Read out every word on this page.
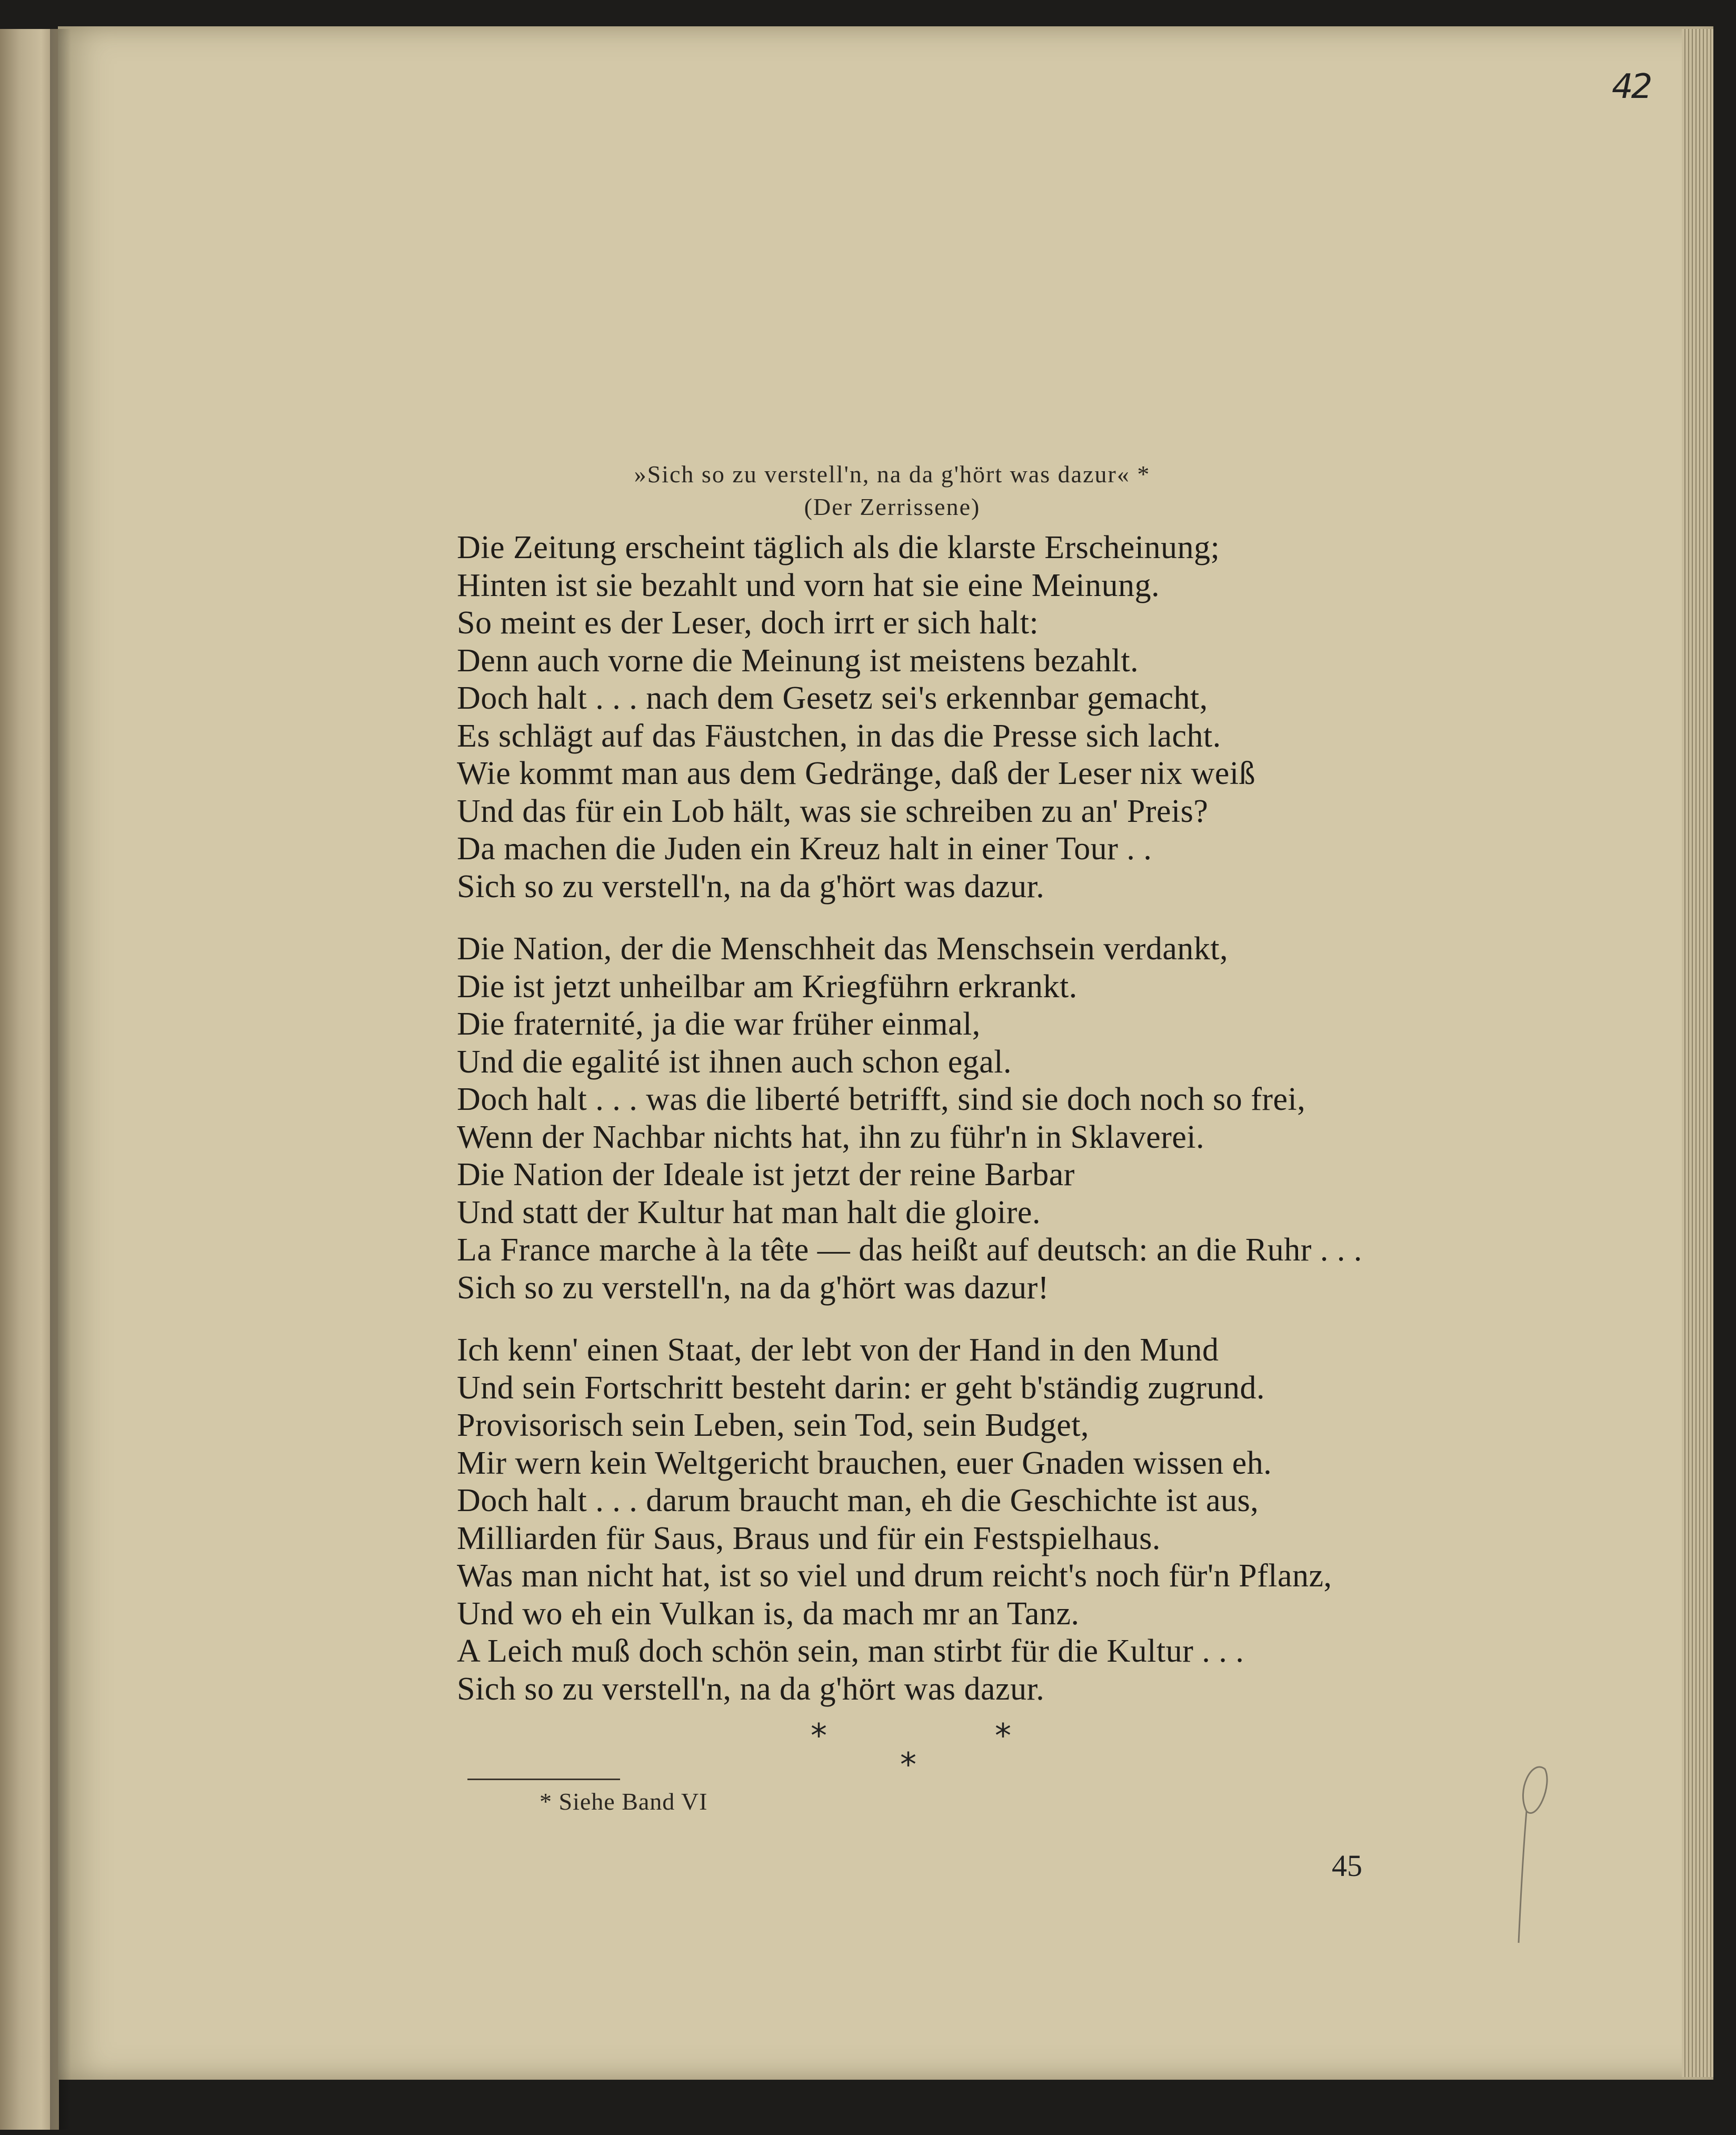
42
»Sich so zu verstell'n, na da g'hört was dazur« *
(Der Zerrissene)
Die Zeitung erscheint täglich als die klarste Erscheinung;
Hinten ist sie bezahlt und vorn hat sie eine Meinung.
So meint es der Leser, doch irrt er sich halt:
Denn auch vorne die Meinung ist meistens bezahlt.
Doch halt . . . nach dem Gesetz sei's erkennbar gemacht,
Es schlägt auf das Fäustchen, in das die Presse sich lacht.
Wie kommt man aus dem Gedränge, daß der Leser nix weiß
Und das für ein Lob hält, was sie schreiben zu an' Preis?
Da machen die Juden ein Kreuz halt in einer Tour . .
Sich so zu verstell'n, na da g'hört was dazur.
Die Nation, der die Menschheit das Menschsein verdankt,
Die ist jetzt unheilbar am Kriegführn erkrankt.
Die fraternité, ja die war früher einmal,
Und die egalité ist ihnen auch schon egal.
Doch halt . . . was die liberté betrifft, sind sie doch noch so frei,
Wenn der Nachbar nichts hat, ihn zu führ'n in Sklaverei.
Die Nation der Ideale ist jetzt der reine Barbar
Und statt der Kultur hat man halt die gloire.
La France marche à la tête — das heißt auf deutsch: an die Ruhr . . .
Sich so zu verstell'n, na da g'hört was dazur!
Ich kenn' einen Staat, der lebt von der Hand in den Mund
Und sein Fortschritt besteht darin: er geht b'ständig zugrund.
Provisorisch sein Leben, sein Tod, sein Budget,
Mir wern kein Weltgericht brauchen, euer Gnaden wissen eh.
Doch halt . . . darum braucht man, eh die Geschichte ist aus,
Milliarden für Saus, Braus und für ein Festspielhaus.
Was man nicht hat, ist so viel und drum reicht's noch für'n Pflanz,
Und wo eh ein Vulkan is, da mach mr an Tanz.
A Leich muß doch schön sein, man stirbt für die Kultur . . .
Sich so zu verstell'n, na da g'hört was dazur.
*	*
*
* Siehe Band VI
45
